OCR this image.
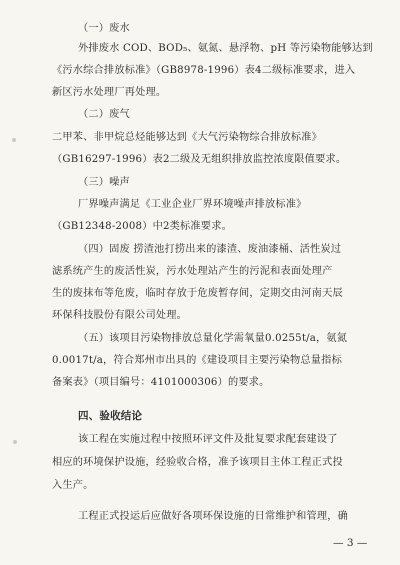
（一）废水
外排废水 COD、BOD₅、氨氮、悬浮物、pH 等污染物能够达到
《污水综合排放标准》（GB8978-1996）表4二级标准要求，进入
新区污水处理厂再处理。
（二）废气
二甲苯、非甲烷总烃能够达到《大气污染物综合排放标准》
（GB16297-1996）表2二级及无组织排放监控浓度限值要求。
（三）噪声
厂界噪声满足《工业企业厂界环境噪声排放标准》
（GB12348-2008）中2类标准要求。
（四）固废 捞渣池打捞出来的漆渣、废油漆桶、活性炭过
滤系统产生的废活性炭，污水处理站产生的污泥和表面处理产
生的废抹布等危废，临时存放于危废暂存间，定期交由河南天辰
环保科技股份有限公司处理。
（五）该项目污染物排放总量化学需氧量0.0255t/a，氨氮
0.0017t/a，符合郑州市出具的《建设项目主要污染物总量指标
备案表》（项目编号：4101000306）的要求。
四、验收结论
该工程在实施过程中按照环评文件及批复要求配套建设了
相应的环境保护设施，经验收合格，准予该项目主体工程正式投
入生产。
工程正式投运后应做好各项环保设施的日常维护和管理，确
— 3 —
